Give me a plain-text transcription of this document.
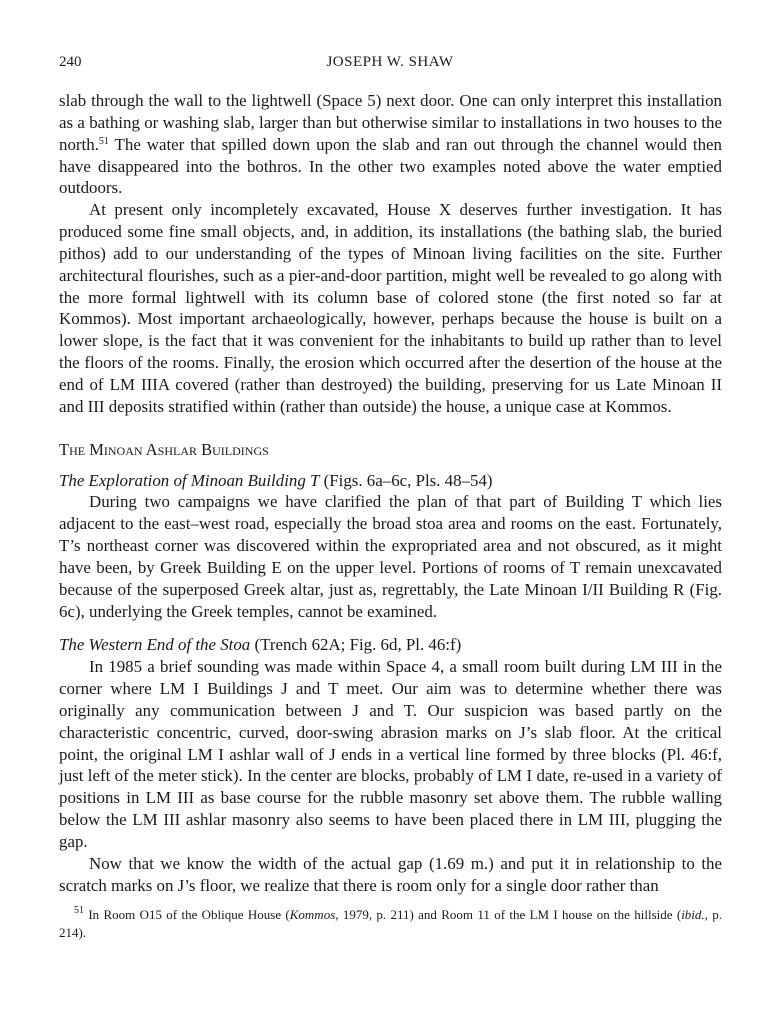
240	JOSEPH W. SHAW

slab through the wall to the lightwell (Space 5) next door. One can only interpret this installation as a bathing or washing slab, larger than but otherwise similar to installations in two houses to the north.$^{51}$ The water that spilled down upon the slab and ran out through the channel would then have disappeared into the bothros. In the other two examples noted above the water emptied outdoors.

At present only incompletely excavated, House X deserves further investigation. It has produced some fine small objects, and, in addition, its installations (the bathing slab, the buried pithos) add to our understanding of the types of Minoan living facilities on the site. Further architectural flourishes, such as a pier-and-door partition, might well be revealed to go along with the more formal lightwell with its column base of colored stone (the first noted so far at Kommos). Most important archaeologically, however, perhaps because the house is built on a lower slope, is the fact that it was convenient for the inhabitants to build up rather than to level the floors of the rooms. Finally, the erosion which occurred after the desertion of the house at the end of LM IIIA covered (rather than destroyed) the building, preserving for us Late Minoan II and III deposits stratified within (rather than outside) the house, a unique case at Kommos.

The Minoan Ashlar Buildings

The Exploration of Minoan Building T (Figs. 6a–6c, Pls. 48–54)

During two campaigns we have clarified the plan of that part of Building T which lies adjacent to the east–west road, especially the broad stoa area and rooms on the east. Fortunately, T’s northeast corner was discovered within the expropriated area and not obscured, as it might have been, by Greek Building E on the upper level. Portions of rooms of T remain unexcavated because of the superposed Greek altar, just as, regrettably, the Late Minoan I/II Building R (Fig. 6c), underlying the Greek temples, cannot be examined.

The Western End of the Stoa (Trench 62A; Fig. 6d, Pl. 46:f)

In 1985 a brief sounding was made within Space 4, a small room built during LM III in the corner where LM I Buildings J and T meet. Our aim was to determine whether there was originally any communication between J and T. Our suspicion was based partly on the characteristic concentric, curved, door-swing abrasion marks on J’s slab floor. At the critical point, the original LM I ashlar wall of J ends in a vertical line formed by three blocks (Pl. 46:f, just left of the meter stick). In the center are blocks, probably of LM I date, re-used in a variety of positions in LM III as base course for the rubble masonry set above them. The rubble walling below the LM III ashlar masonry also seems to have been placed there in LM III, plugging the gap.

Now that we know the width of the actual gap (1.69 m.) and put it in relationship to the scratch marks on J’s floor, we realize that there is room only for a single door rather than

$^{51}$ In Room O15 of the Oblique House (Kommos, 1979, p. 211) and Room 11 of the LM I house on the hillside (ibid., p. 214).
